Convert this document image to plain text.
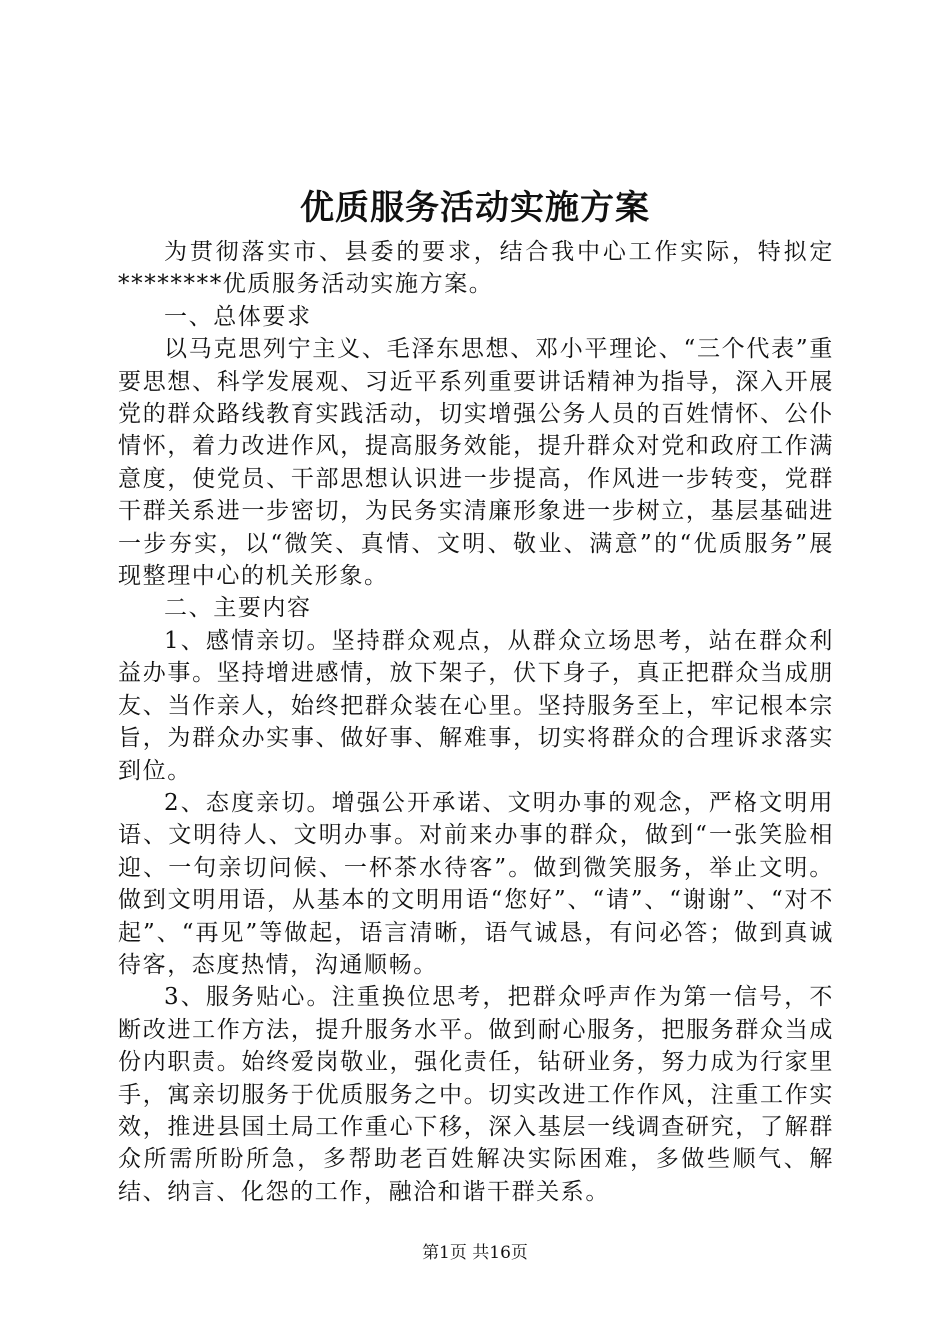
优质服务活动实施方案

为贯彻落实市、县委的要求，结合我中心工作实际，特拟定********优质服务活动实施方案。

一、总体要求

以马克思列宁主义、毛泽东思想、邓小平理论、“三个代表”重要思想、科学发展观、习近平系列重要讲话精神为指导，深入开展党的群众路线教育实践活动，切实增强公务人员的百姓情怀、公仆情怀，着力改进作风，提高服务效能，提升群众对党和政府工作满意度，使党员、干部思想认识进一步提高，作风进一步转变，党群干群关系进一步密切，为民务实清廉形象进一步树立，基层基础进一步夯实，以“微笑、真情、文明、敬业、满意”的“优质服务”展现整理中心的机关形象。

二、主要内容

1、感情亲切。坚持群众观点，从群众立场思考，站在群众利益办事。坚持增进感情，放下架子，伏下身子，真正把群众当成朋友、当作亲人，始终把群众装在心里。坚持服务至上，牢记根本宗旨，为群众办实事、做好事、解难事，切实将群众的合理诉求落实到位。

2、态度亲切。增强公开承诺、文明办事的观念，严格文明用语、文明待人、文明办事。对前来办事的群众，做到“一张笑脸相迎、一句亲切问候、一杯茶水待客”。做到微笑服务，举止文明。做到文明用语，从基本的文明用语“您好”、“请”、“谢谢”、“对不起”、“再见”等做起，语言清晰，语气诚恳，有问必答；做到真诚待客，态度热情，沟通顺畅。

3、服务贴心。注重换位思考，把群众呼声作为第一信号，不断改进工作方法，提升服务水平。做到耐心服务，把服务群众当成份内职责。始终爱岗敬业，强化责任，钻研业务，努力成为行家里手，寓亲切服务于优质服务之中。切实改进工作作风，注重工作实效，推进县国土局工作重心下移，深入基层一线调查研究，了解群众所需所盼所急，多帮助老百姓解决实际困难，多做些顺气、解结、纳言、化怨的工作，融洽和谐干群关系。

第1页 共16页
